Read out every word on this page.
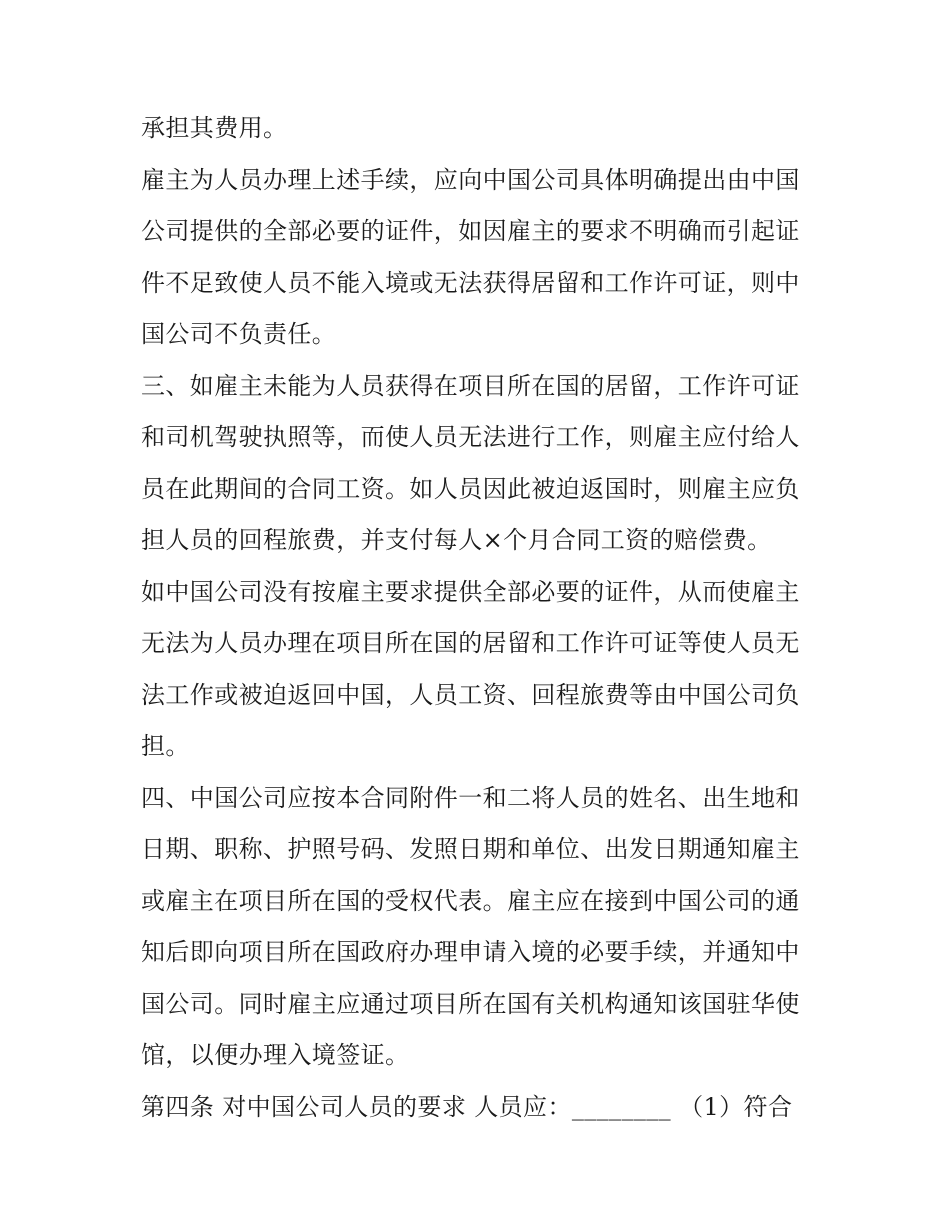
承担其费用。
雇主为人员办理上述手续，应向中国公司具体明确提出由中国
公司提供的全部必要的证件，如因雇主的要求不明确而引起证
件不足致使人员不能入境或无法获得居留和工作许可证，则中
国公司不负责任。
三、如雇主未能为人员获得在项目所在国的居留，工作许可证
和司机驾驶执照等，而使人员无法进行工作，则雇主应付给人
员在此期间的合同工资。如人员因此被迫返国时，则雇主应负
担人员的回程旅费，并支付每人×个月合同工资的赔偿费。
如中国公司没有按雇主要求提供全部必要的证件，从而使雇主
无法为人员办理在项目所在国的居留和工作许可证等使人员无
法工作或被迫返回中国，人员工资、回程旅费等由中国公司负
担。
四、中国公司应按本合同附件一和二将人员的姓名、出生地和
日期、职称、护照号码、发照日期和单位、出发日期通知雇主
或雇主在项目所在国的受权代表。雇主应在接到中国公司的通
知后即向项目所在国政府办理申请入境的必要手续，并通知中
国公司。同时雇主应通过项目所在国有关机构通知该国驻华使
馆，以便办理入境签证。
第四条 对中国公司人员的要求 人员应：________ （1）符合
